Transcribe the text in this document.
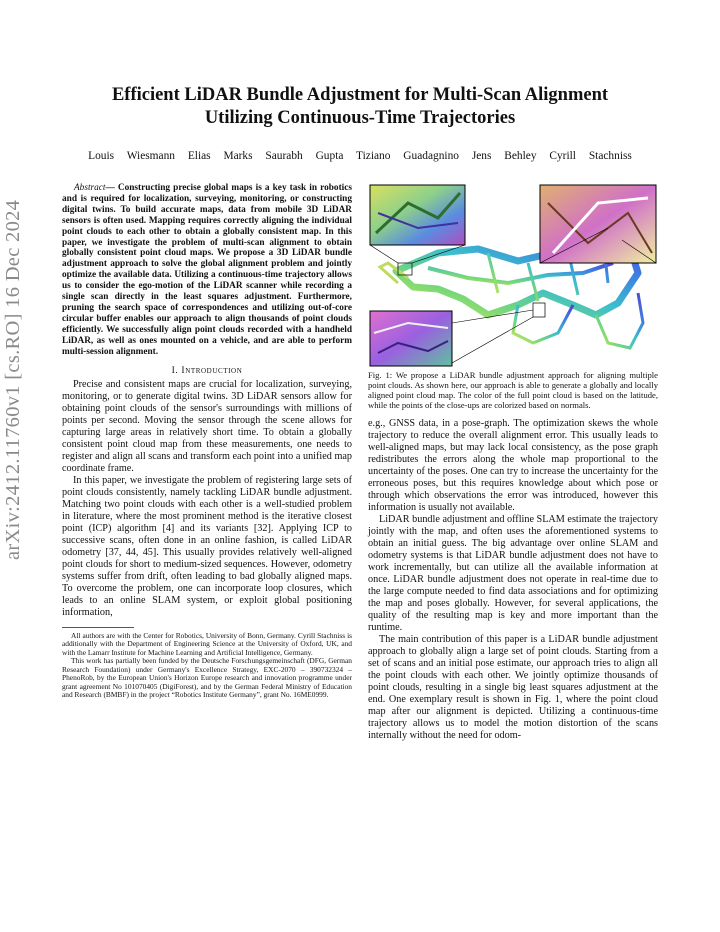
arXiv:2412.11760v1 [cs.RO] 16 Dec 2024
Efficient LiDAR Bundle Adjustment for Multi-Scan Alignment
Utilizing Continuous-Time Trajectories
Louis Wiesmann Elias Marks Saurabh Gupta Tiziano Guadagnino Jens Behley Cyrill Stachniss

Abstract— Constructing precise global maps is a key task in robotics and is required for localization, surveying, monitoring, or constructing digital twins. To build accurate maps, data from mobile 3D LiDAR sensors is often used. Mapping requires correctly aligning the individual point clouds to each other to obtain a globally consistent map. In this paper, we investigate the problem of multi-scan alignment to obtain globally consistent point cloud maps. We propose a 3D LiDAR bundle adjustment approach to solve the global alignment problem and jointly optimize the available data. Utilizing a continuous-time trajectory allows us to consider the ego-motion of the LiDAR scanner while recording a single scan directly in the least squares adjustment. Furthermore, pruning the search space of correspondences and utilizing out-of-core circular buffer enables our approach to align thousands of point clouds efficiently. We successfully align point clouds recorded with a handheld LiDAR, as well as ones mounted on a vehicle, and are able to perform multi-session alignment.

I. Introduction

Precise and consistent maps are crucial for localization, surveying, monitoring, or to generate digital twins. 3D LiDAR sensors allow for obtaining point clouds of the sensor's surroundings with millions of points per second. Moving the sensor through the scene allows for capturing large areas in relatively short time. To obtain a globally consistent point cloud map from these measurements, one needs to register and align all scans and transform each point into a unified map coordinate frame.

In this paper, we investigate the problem of registering large sets of point clouds consistently, namely tackling LiDAR bundle adjustment. Matching two point clouds with each other is a well-studied problem in literature, where the most prominent method is the iterative closest point (ICP) algorithm [4] and its variants [32]. Applying ICP to successive scans, often done in an online fashion, is called LiDAR odometry [37, 44, 45]. This usually provides relatively well-aligned point clouds for short to medium-sized sequences. However, odometry systems suffer from drift, often leading to bad globally aligned maps. To overcome the problem, one can incorporate loop closures, which leads to an online SLAM system, or exploit global positioning information,

All authors are with the Center for Robotics, University of Bonn, Germany. Cyrill Stachniss is additionally with the Department of Engineering Science at the University of Oxford, UK, and with the Lamarr Institute for Machine Learning and Artificial Intelligence, Germany.

This work has partially been funded by the Deutsche Forschungsgemeinschaft (DFG, German Research Foundation) under Germany's Excellence Strategy, EXC-2070 – 390732324 – PhenoRob, by the European Union's Horizon Europe research and innovation programme under grant agreement No 101070405 (DigiForest), and by the German Federal Ministry of Education and Research (BMBF) in the project “Robotics Institute Germany”, grant No. 16ME0999.

Fig. 1: We propose a LiDAR bundle adjustment approach for aligning multiple point clouds. As shown here, our approach is able to generate a globally and locally aligned point cloud map. The color of the full point cloud is based on the latitude, while the points of the close-ups are colorized based on normals.

e.g., GNSS data, in a pose-graph. The optimization skews the whole trajectory to reduce the overall alignment error. This usually leads to well-aligned maps, but may lack local consistency, as the pose graph redistributes the errors along the whole map proportional to the uncertainty of the poses. One can try to increase the uncertainty for the erroneous poses, but this requires knowledge about which pose or through which observations the error was introduced, however this information is usually not available.

LiDAR bundle adjustment and offline SLAM estimate the trajectory jointly with the map, and often uses the aforementioned systems to obtain an initial guess. The big advantage over online SLAM and odometry systems is that LiDAR bundle adjustment does not have to work incrementally, but can utilize all the available information at once. LiDAR bundle adjustment does not operate in real-time due to the large compute needed to find data associations and for optimizing the map and poses globally. However, for several applications, the quality of the resulting map is key and more important than the runtime.

The main contribution of this paper is a LiDAR bundle adjustment approach to globally align a large set of point clouds. Starting from a set of scans and an initial pose estimate, our approach tries to align all the point clouds with each other. We jointly optimize thousands of point clouds, resulting in a single big least squares adjustment at the end. One exemplary result is shown in Fig. 1, where the point cloud map after our alignment is depicted. Utilizing a continuous-time trajectory allows us to model the motion distortion of the scans internally without the need for odom-
